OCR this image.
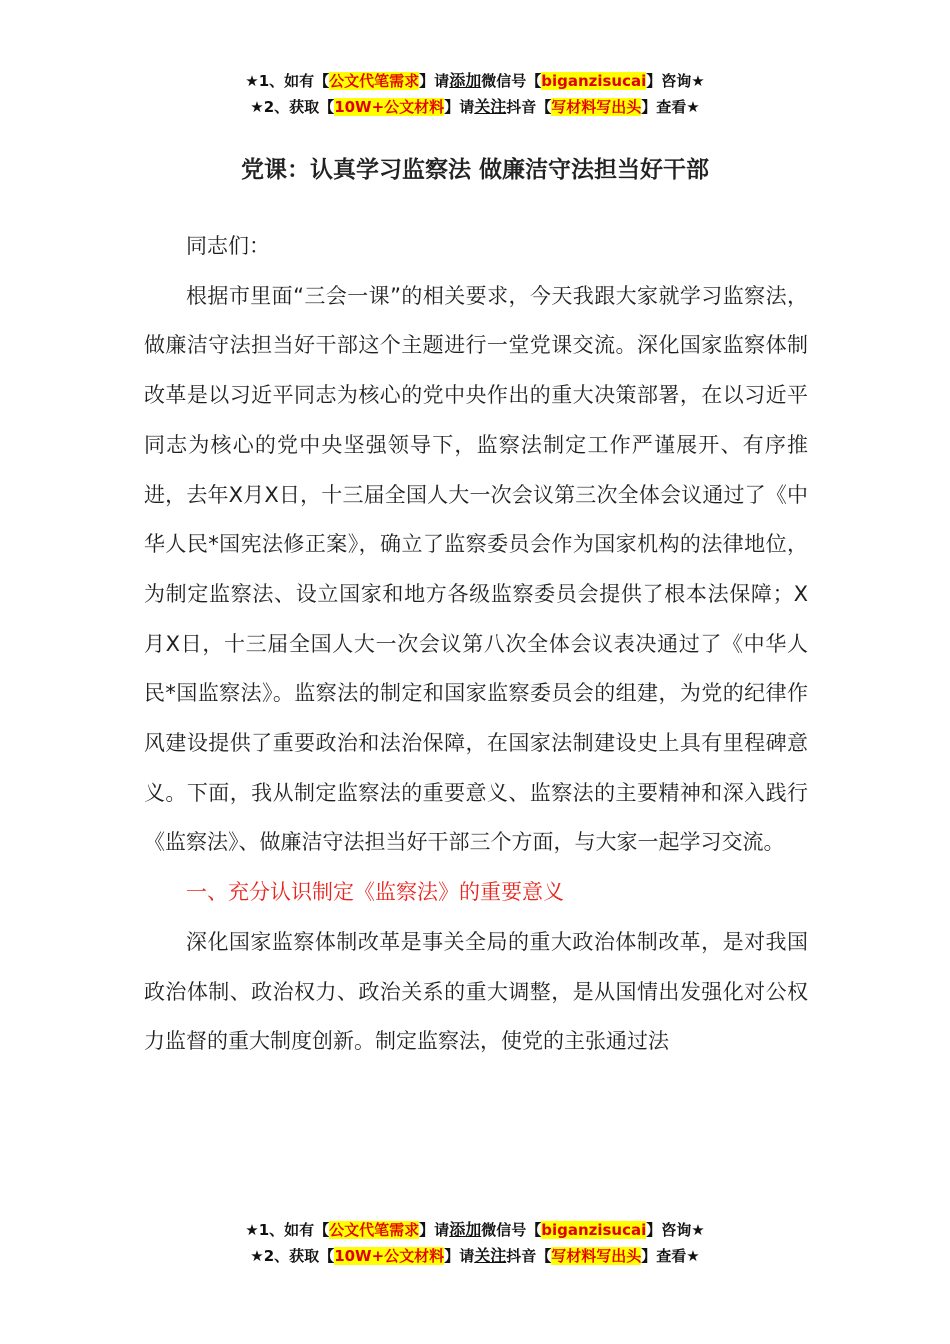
★1、如有【公文代笔需求】请添加微信号【biganzisucai】咨询★
★2、获取【10W+公文材料】请关注抖音【写材料写出头】查看★
党课：认真学习监察法 做廉洁守法担当好干部

同志们：

根据市里面“三会一课”的相关要求，今天我跟大家就学习监察法，做廉洁守法担当好干部这个主题进行一堂党课交流。深化国家监察体制改革是以习近平同志为核心的党中央作出的重大决策部署，在以习近平同志为核心的党中央坚强领导下，监察法制定工作严谨展开、有序推进，去年X月X日，十三届全国人大一次会议第三次全体会议通过了《中华人民*国宪法修正案》，确立了监察委员会作为国家机构的法律地位，为制定监察法、设立国家和地方各级监察委员会提供了根本法保障；X月X日，十三届全国人大一次会议第八次全体会议表决通过了《中华人民*国监察法》。监察法的制定和国家监察委员会的组建，为党的纪律作风建设提供了重要政治和法治保障，在国家法制建设史上具有里程碑意义。下面，我从制定监察法的重要意义、监察法的主要精神和深入践行《监察法》、做廉洁守法担当好干部三个方面，与大家一起学习交流。

一、充分认识制定《监察法》的重要意义

深化国家监察体制改革是事关全局的重大政治体制改革，是对我国政治体制、政治权力、政治关系的重大调整，是从国情出发强化对公权力监督的重大制度创新。制定监察法，使党的主张通过法

★1、如有【公文代笔需求】请添加微信号【biganzisucai】咨询★
★2、获取【10W+公文材料】请关注抖音【写材料写出头】查看★
